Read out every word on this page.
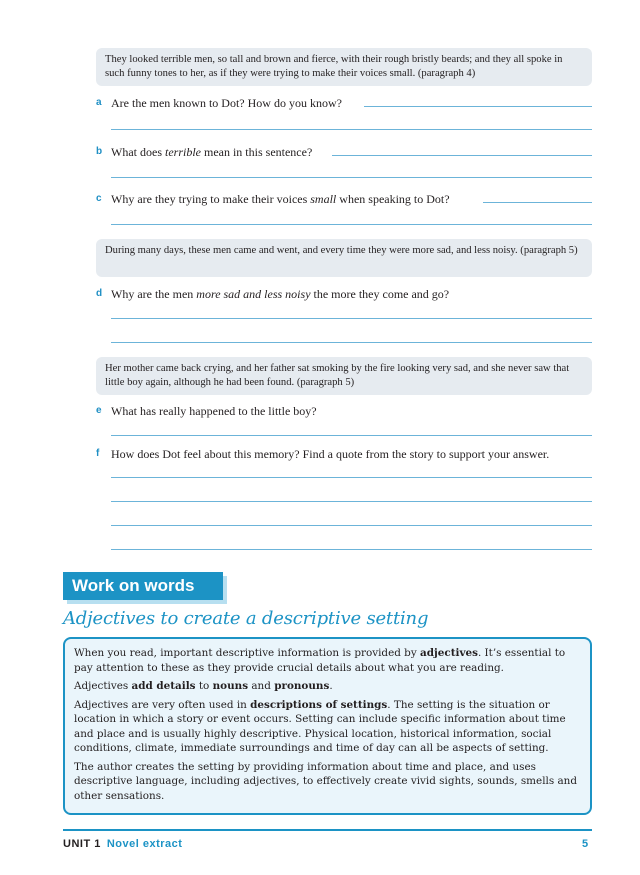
They looked terrible men, so tall and brown and fierce, with their rough bristly beards; and they all spoke in such funny tones to her, as if they were trying to make their voices small. (paragraph 4)
a Are the men known to Dot? How do you know?
b What does terrible mean in this sentence?
c Why are they trying to make their voices small when speaking to Dot?
During many days, these men came and went, and every time they were more sad, and less noisy. (paragraph 5)
d Why are the men more sad and less noisy the more they come and go?
Her mother came back crying, and her father sat smoking by the fire looking very sad, and she never saw that little boy again, although he had been found. (paragraph 5)
e What has really happened to the little boy?
f How does Dot feel about this memory? Find a quote from the story to support your answer.
Work on words
Adjectives to create a descriptive setting

When you read, important descriptive information is provided by adjectives. It’s essential to pay attention to these as they provide crucial details about what you are reading.

Adjectives add details to nouns and pronouns.

Adjectives are very often used in descriptions of settings. The setting is the situation or location in which a story or event occurs. Setting can include specific information about time and place and is usually highly descriptive. Physical location, historical information, social conditions, climate, immediate surroundings and time of day can all be aspects of setting.

The author creates the setting by providing information about time and place, and uses descriptive language, including adjectives, to effectively create vivid sights, sounds, smells and other sensations.

UNIT 1 Novel extract	5
